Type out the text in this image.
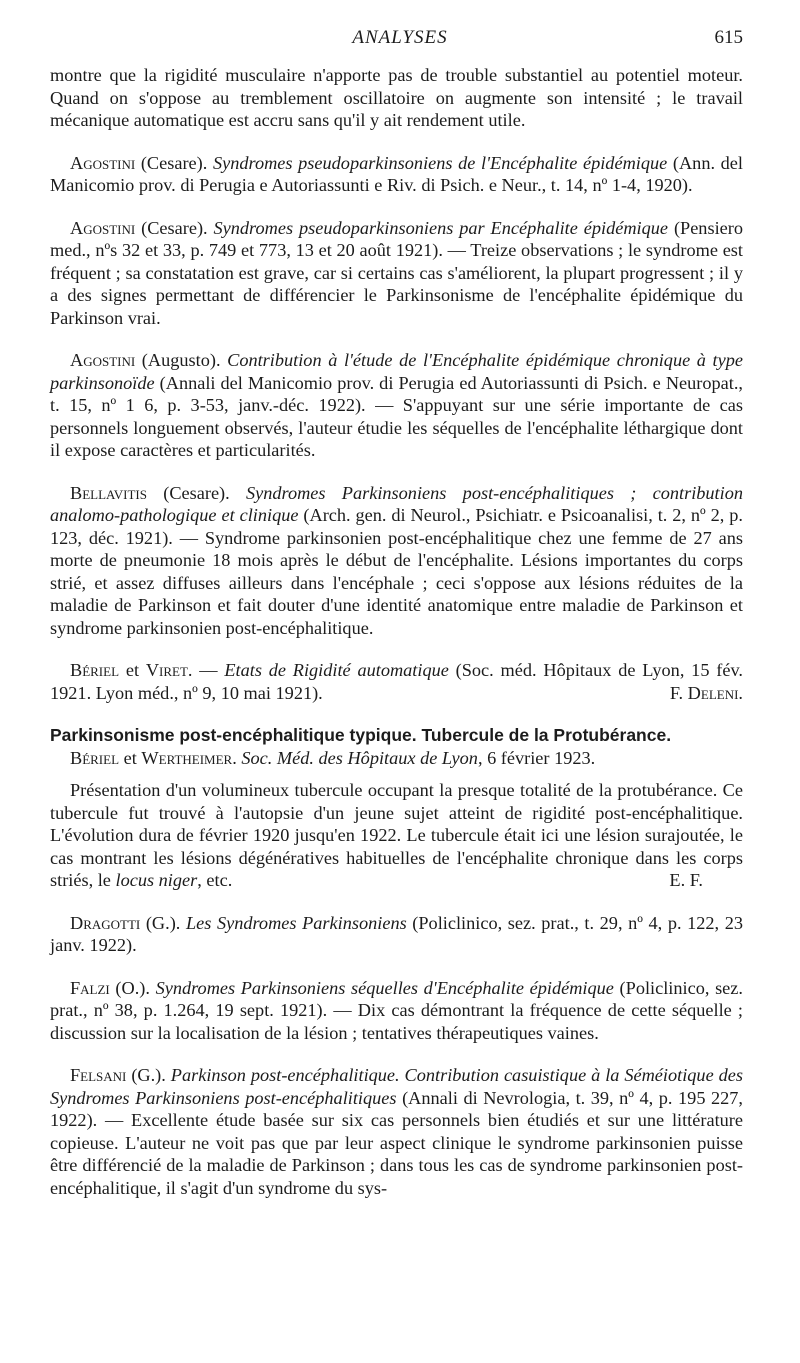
ANALYSES	615

montre que la rigidité musculaire n'apporte pas de trouble substantiel au potentiel moteur. Quand on s'oppose au tremblement oscillatoire on augmente son intensité ; le travail mécanique automatique est accru sans qu'il y ait rendement utile.

Agostini (Cesare). Syndromes pseudoparkinsoniens de l'Encéphalite épidémique (Ann. del Manicomio prov. di Perugia e Autoriassunti e Riv. di Psich. e Neur., t. 14, nº 1-4, 1920).
Agostini (Cesare). Syndromes pseudoparkinsoniens par Encéphalite épidémique (Pensiero med., nºs 32 et 33, p. 749 et 773, 13 et 20 août 1921). — Treize observations ; le syndrome est fréquent ; sa constatation est grave, car si certains cas s'améliorent, la plupart progressent ; il y a des signes permettant de différencier le Parkinsonisme de l'encéphalite épidémique du Parkinson vrai.
Agostini (Augusto). Contribution à l'étude de l'Encéphalite épidémique chronique à type parkinsonoïde (Annali del Manicomio prov. di Perugia ed Autoriassunti di Psich. e Neuropat., t. 15, nº 1 6, p. 3-53, janv.-déc. 1922). — S'appuyant sur une série importante de cas personnels longuement observés, l'auteur étudie les séquelles de l'encéphalite léthargique dont il expose caractères et particularités.
Bellavitis (Cesare). Syndromes Parkinsoniens post-encéphalitiques ; contribution analomo-pathologique et clinique (Arch. gen. di Neurol., Psichiatr. e Psicoanalisi, t. 2, nº 2, p. 123, déc. 1921). — Syndrome parkinsonien post-encéphalitique chez une femme de 27 ans morte de pneumonie 18 mois après le début de l'encéphalite. Lésions importantes du corps strié, et assez diffuses ailleurs dans l'encéphale ; ceci s'oppose aux lésions réduites de la maladie de Parkinson et fait douter d'une identité anatomique entre maladie de Parkinson et syndrome parkinsonien post-encéphalitique.
Bériel et Viret. — Etats de Rigidité automatique (Soc. méd. Hôpitaux de Lyon, 15 fév. 1921. Lyon méd., nº 9, 10 mai 1921).	F. Deleni.
Parkinsonisme post-encéphalitique typique. Tubercule de la Protubérance.

Bériel et Wertheimer. Soc. Méd. des Hôpitaux de Lyon, 6 février 1923.

Présentation d'un volumineux tubercule occupant la presque totalité de la protubérance. Ce tubercule fut trouvé à l'autopsie d'un jeune sujet atteint de rigidité post-encéphalitique. L'évolution dura de février 1920 jusqu'en 1922. Le tubercule était ici une lésion surajoutée, le cas montrant les lésions dégénératives habituelles de l'encéphalite chronique dans les corps striés, le locus niger, etc.	E. F.
Dragotti (G.). Les Syndromes Parkinsoniens (Policlinico, sez. prat., t. 29, nº 4, p. 122, 23 janv. 1922).
Falzi (O.). Syndromes Parkinsoniens séquelles d'Encéphalite épidémique (Policlinico, sez. prat., nº 38, p. 1.264, 19 sept. 1921). — Dix cas démontrant la fréquence de cette séquelle ; discussion sur la localisation de la lésion ; tentatives thérapeutiques vaines.
Felsani (G.). Parkinson post-encéphalitique. Contribution casuistique à la Séméiotique des Syndromes Parkinsoniens post-encéphalitiques (Annali di Nevrologia, t. 39, nº 4, p. 195 227, 1922). — Excellente étude basée sur six cas personnels bien étudiés et sur une littérature copieuse. L'auteur ne voit pas que par leur aspect clinique le syndrome parkinsonien puisse être différencié de la maladie de Parkinson ; dans tous les cas de syndrome parkinsonien post-encéphalitique, il s'agit d'un syndrome du sys-
